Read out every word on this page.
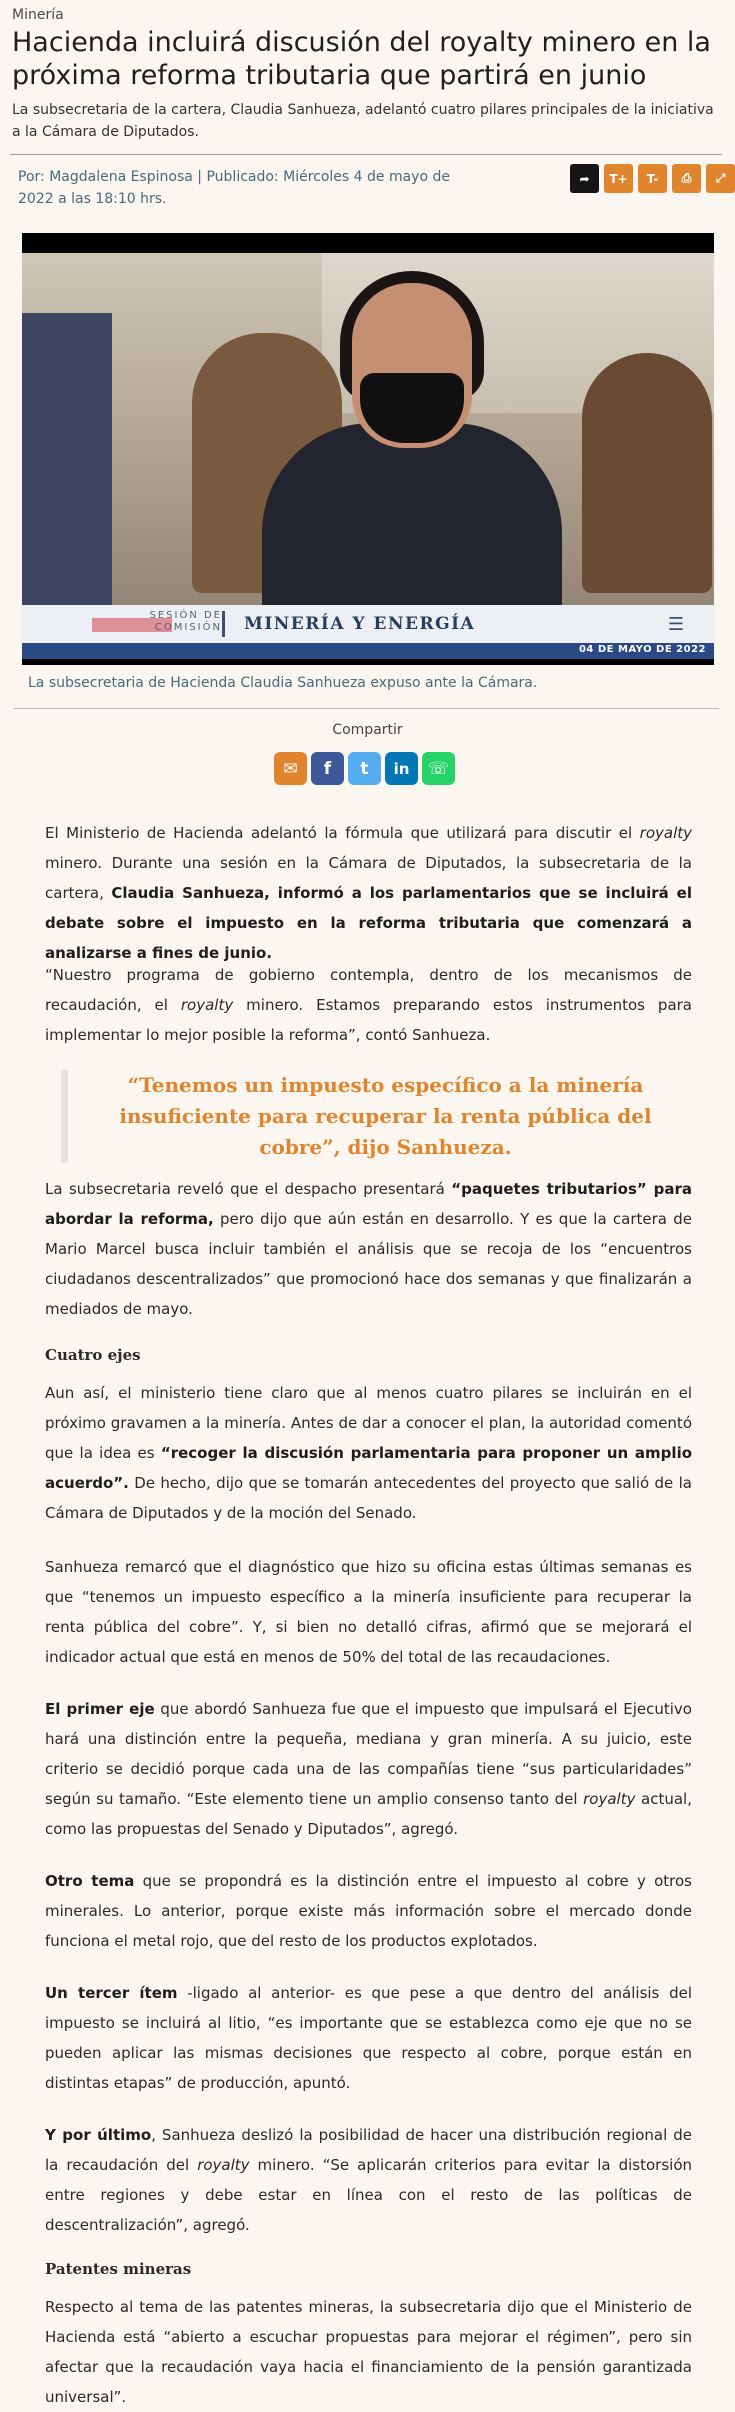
Minería
Hacienda incluirá discusión del royalty minero en la próxima reforma tributaria que partirá en junio
La subsecretaria de la cartera, Claudia Sanhueza, adelantó cuatro pilares principales de la iniciativa a la Cámara de Diputados.
Por: Magdalena Espinosa | Publicado: Miércoles 4 de mayo de 2022 a las 18:10 hrs.
➦	T+	T-	⎙	⤢
SESIÓN DE
COMISIÓN MINERÍA Y ENERGÍA	☰
04 DE MAYO DE 2022
La subsecretaria de Hacienda Claudia Sanhueza expuso ante la Cámara.
Compartir
✉	f	t	in	☏

El Ministerio de Hacienda adelantó la fórmula que utilizará para discutir el royalty minero. Durante una sesión en la Cámara de Diputados, la subsecretaria de la cartera, Claudia Sanhueza, informó a los parlamentarios que se incluirá el debate sobre el impuesto en la reforma tributaria que comenzará a analizarse a fines de junio.

“Nuestro programa de gobierno contempla, dentro de los mecanismos de recaudación, el royalty minero. Estamos preparando estos instrumentos para implementar lo mejor posible la reforma”, contó Sanhueza.

“Tenemos un impuesto específico a la minería insuficiente para recuperar la renta pública del cobre”, dijo Sanhueza.

La subsecretaria reveló que el despacho presentará “paquetes tributarios” para abordar la reforma, pero dijo que aún están en desarrollo. Y es que la cartera de Mario Marcel busca incluir también el análisis que se recoja de los “encuentros ciudadanos descentralizados” que promocionó hace dos semanas y que finalizarán a mediados de mayo.

Cuatro ejes

Aun así, el ministerio tiene claro que al menos cuatro pilares se incluirán en el próximo gravamen a la minería. Antes de dar a conocer el plan, la autoridad comentó que la idea es “recoger la discusión parlamentaria para proponer un amplio acuerdo”. De hecho, dijo que se tomarán antecedentes del proyecto que salió de la Cámara de Diputados y de la moción del Senado.

Sanhueza remarcó que el diagnóstico que hizo su oficina estas últimas semanas es que “tenemos un impuesto específico a la minería insuficiente para recuperar la renta pública del cobre”. Y, si bien no detalló cifras, afirmó que se mejorará el indicador actual que está en menos de 50% del total de las recaudaciones.

El primer eje que abordó Sanhueza fue que el impuesto que impulsará el Ejecutivo hará una distinción entre la pequeña, mediana y gran minería. A su juicio, este criterio se decidió porque cada una de las compañías tiene “sus particularidades” según su tamaño. “Este elemento tiene un amplio consenso tanto del royalty actual, como las propuestas del Senado y Diputados”, agregó.

Otro tema que se propondrá es la distinción entre el impuesto al cobre y otros minerales. Lo anterior, porque existe más información sobre el mercado donde funciona el metal rojo, que del resto de los productos explotados.

Un tercer ítem -ligado al anterior- es que pese a que dentro del análisis del impuesto se incluirá al litio, “es importante que se establezca como eje que no se pueden aplicar las mismas decisiones que respecto al cobre, porque están en distintas etapas” de producción, apuntó.

Y por último, Sanhueza deslizó la posibilidad de hacer una distribución regional de la recaudación del royalty minero. “Se aplicarán criterios para evitar la distorsión entre regiones y debe estar en línea con el resto de las políticas de descentralización”, agregó.

Patentes mineras

Respecto al tema de las patentes mineras, la subsecretaria dijo que el Ministerio de Hacienda está “abierto a escuchar propuestas para mejorar el régimen”, pero sin afectar que la recaudación vaya hacia el financiamiento de la pensión garantizada universal”.
